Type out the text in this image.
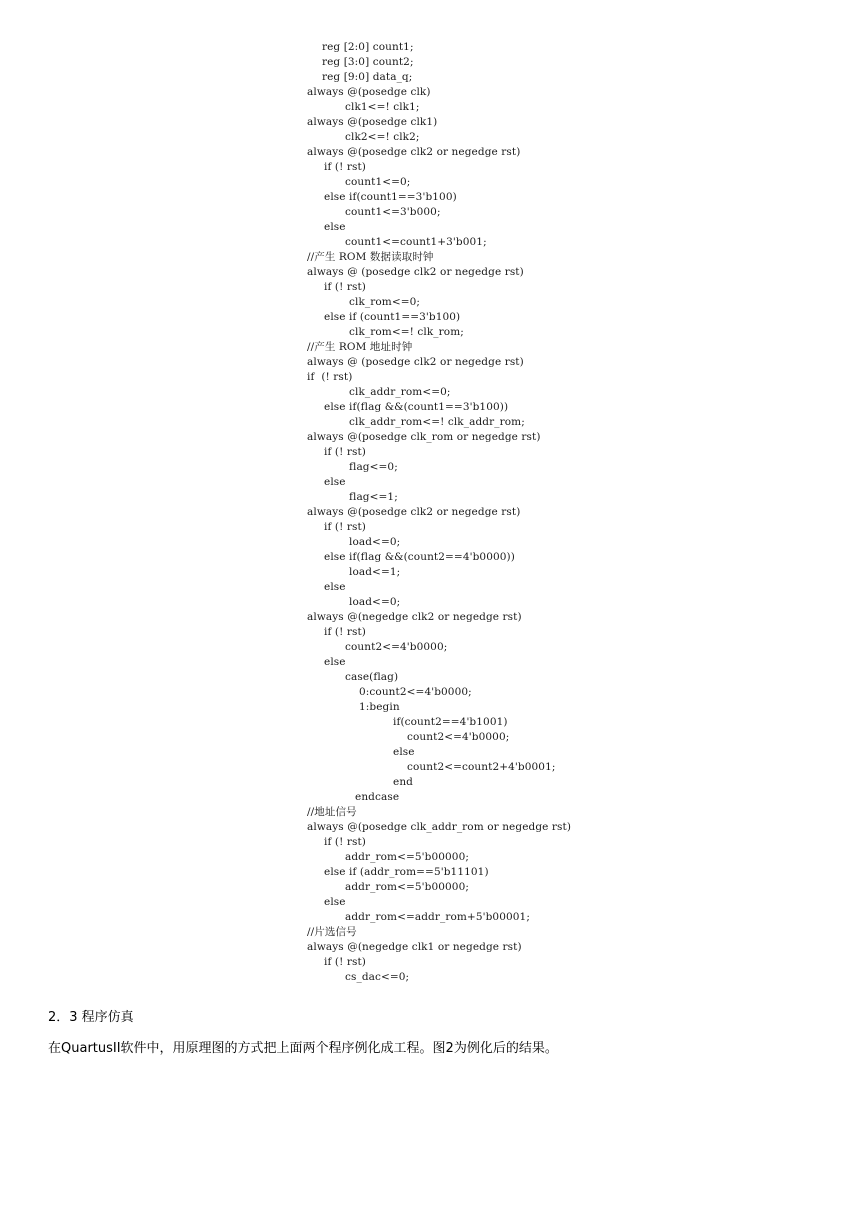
reg [2:0] count1;
reg [3:0] count2;
reg [9:0] data_q;
always @(posedge clk)
clk1<=! clk1;
always @(posedge clk1)
clk2<=! clk2;
always @(posedge clk2 or negedge rst)
if (! rst)
count1<=0;
else if(count1==3'b100)
count1<=3'b000;
else
count1<=count1+3'b001;
//产生 ROM 数据读取时钟
always @ (posedge clk2 or negedge rst)
if (! rst)
clk_rom<=0;
else if (count1==3'b100)
clk_rom<=! clk_rom;
//产生 ROM 地址时钟
always @ (posedge clk2 or negedge rst)
if  (! rst)
clk_addr_rom<=0;
else if(flag &&(count1==3'b100))
clk_addr_rom<=! clk_addr_rom;
always @(posedge clk_rom or negedge rst)
if (! rst)
flag<=0;
else
flag<=1;
always @(posedge clk2 or negedge rst)
if (! rst)
load<=0;
else if(flag &&(count2==4'b0000))
load<=1;
else
load<=0;
always @(negedge clk2 or negedge rst)
if (! rst)
count2<=4'b0000;
else
case(flag)
0:count2<=4'b0000;
1:begin
if(count2==4'b1001)
count2<=4'b0000;
else
count2<=count2+4'b0001;
end
endcase
//地址信号
always @(posedge clk_addr_rom or negedge rst)
if (! rst)
addr_rom<=5'b00000;
else if (addr_rom==5'b11101)
addr_rom<=5'b00000;
else
addr_rom<=addr_rom+5'b00001;
//片选信号
always @(negedge clk1 or negedge rst)
if (! rst)
cs_dac<=0;
2．3 程序仿真
在QuartusII软件中，用原理图的方式把上面两个程序例化成工程。图2为例化后的结果。
